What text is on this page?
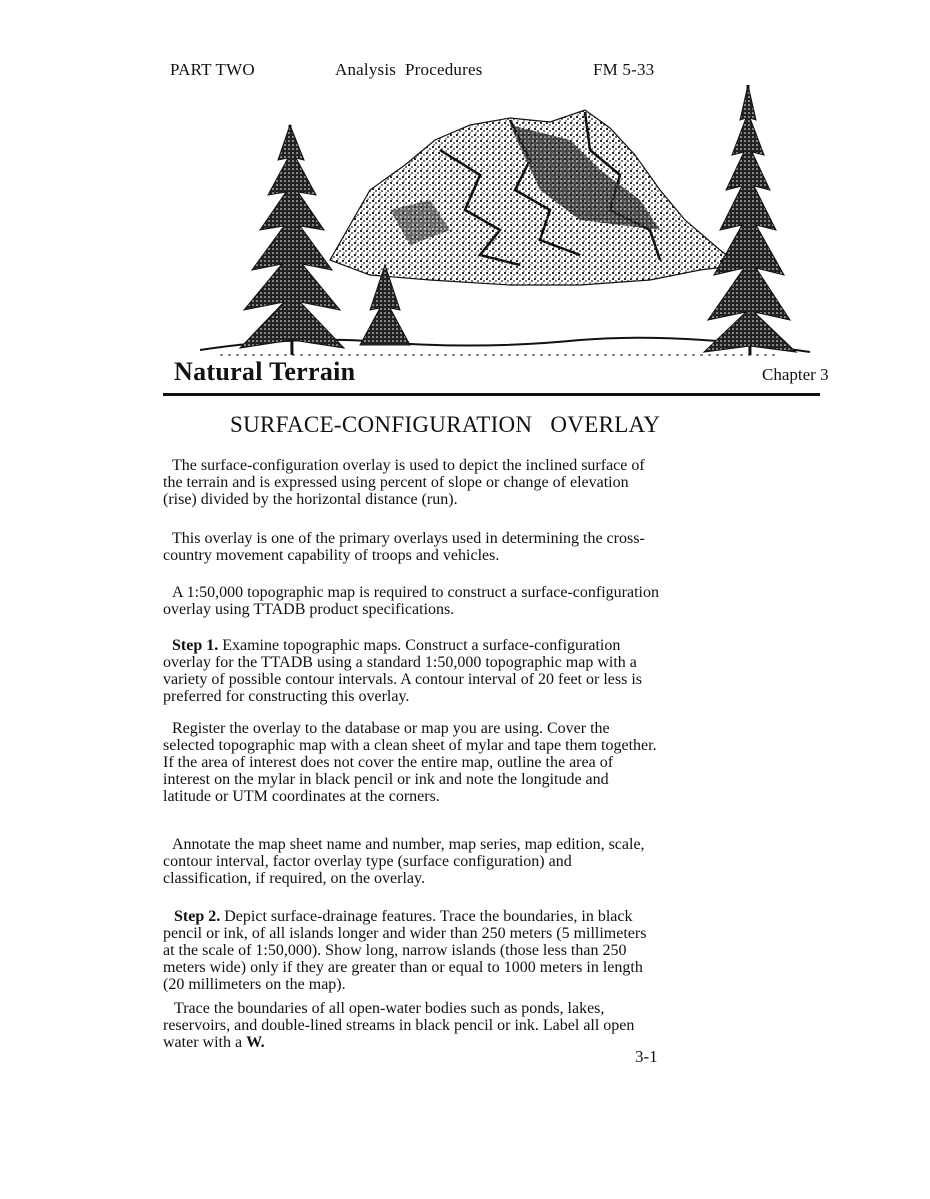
PART TWO	Analysis  Procedures	FM 5-33
Natural Terrain	Chapter 3
SURFACE-CONFIGURATION OVERLAY

The surface-configuration overlay is used to depict the inclined surface of the terrain and is expressed using percent of slope or change of elevation (rise) divided by the horizontal distance (run).

This overlay is one of the primary overlays used in determining the cross-country movement capability of troops and vehicles.

A 1:50,000 topographic map is required to construct a surface-configuration overlay using TTADB product specifications.

Step 1. Examine topographic maps. Construct a surface-configuration overlay for the TTADB using a standard 1:50,000 topographic map with a variety of possible contour intervals. A contour interval of 20 feet or less is preferred for constructing this overlay.

Register the overlay to the database or map you are using. Cover the selected topographic map with a clean sheet of mylar and tape them together. If the area of interest does not cover the entire map, outline the area of interest on the mylar in black pencil or ink and note the longitude and latitude or UTM coordinates at the corners.

Annotate the map sheet name and number, map series, map edition, scale, contour interval, factor overlay type (surface configuration) and classification, if required, on the overlay.

Step 2. Depict surface-drainage features. Trace the boundaries, in black pencil or ink, of all islands longer and wider than 250 meters (5 millimeters at the scale of 1:50,000). Show long, narrow islands (those less than 250 meters wide) only if they are greater than or equal to 1000 meters in length (20 millimeters on the map).

Trace the boundaries of all open-water bodies such as ponds, lakes, reservoirs, and double-lined streams in black pencil or ink. Label all open water with a W.

3-1
